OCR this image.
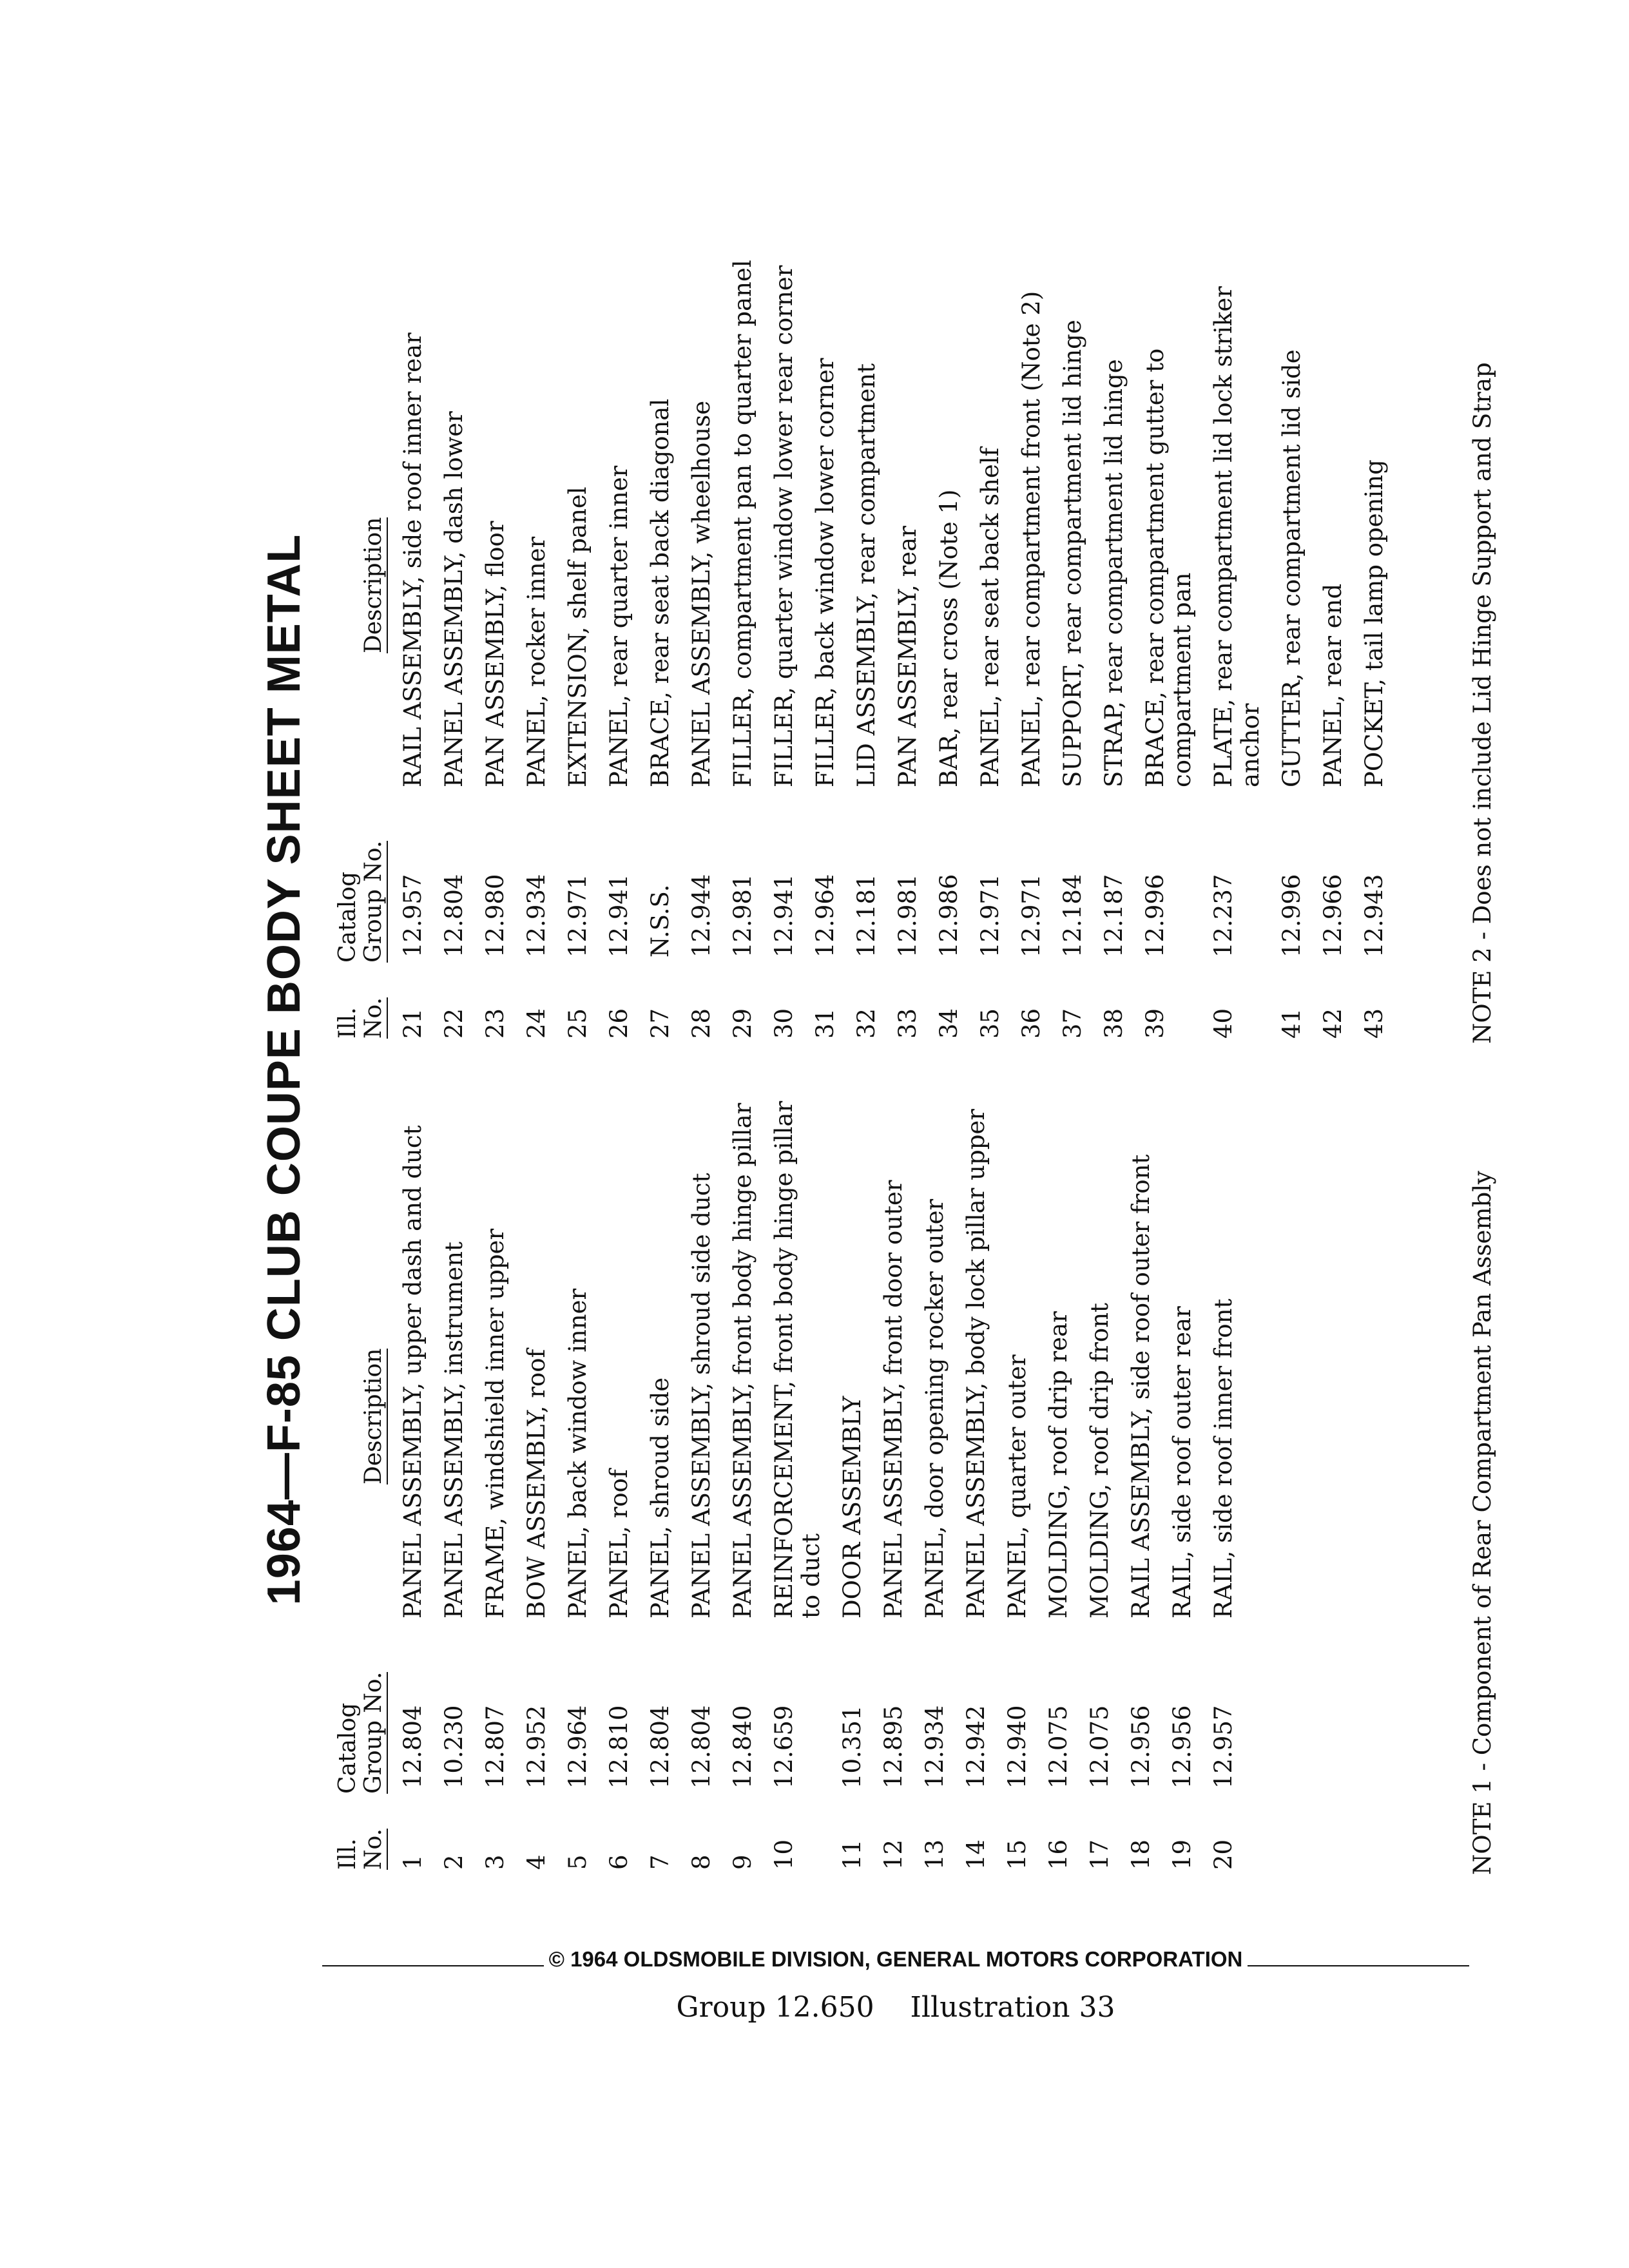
1964—F-85 CLUB COUPE BODY SHEET METAL
Ill. No.
Catalog Group No.
Description
1
12.804
PANEL ASSEMBLY, upper dash and duct
2
10.230
PANEL ASSEMBLY, instrument
3
12.807
FRAME, windshield inner upper
4
12.952
BOW ASSEMBLY, roof
5
12.964
PANEL, back window inner
6
12.810
PANEL, roof
7
12.804
PANEL, shroud side
8
12.804
PANEL ASSEMBLY, shroud side duct
9
12.840
PANEL ASSEMBLY, front body hinge pillar
10
12.659
REINFORCEMENT, front body hinge pillar to duct
11
10.351
DOOR ASSEMBLY
12
12.895
PANEL ASSEMBLY, front door outer
13
12.934
PANEL, door opening rocker outer
14
12.942
PANEL ASSEMBLY, body lock pillar upper
15
12.940
PANEL, quarter outer
16
12.075
MOLDING, roof drip rear
17
12.075
MOLDING, roof drip front
18
12.956
RAIL ASSEMBLY, side roof outer front
19
12.956
RAIL, side roof outer rear
20
12.957
RAIL, side roof inner front
Ill. No.
Catalog Group No.
Description
21
12.957
RAIL ASSEMBLY, side roof inner rear
22
12.804
PANEL ASSEMBLY, dash lower
23
12.980
PAN ASSEMBLY, floor
24
12.934
PANEL, rocker inner
25
12.971
EXTENSION, shelf panel
26
12.941
PANEL, rear quarter inner
27
N.S.S.
BRACE, rear seat back diagonal
28
12.944
PANEL ASSEMBLY, wheelhouse
29
12.981
FILLER, compartment pan to quarter panel
30
12.941
FILLER, quarter window lower rear corner
31
12.964
FILLER, back window lower corner
32
12.181
LID ASSEMBLY, rear compartment
33
12.981
PAN ASSEMBLY, rear
34
12.986
BAR, rear cross (Note 1)
35
12.971
PANEL, rear seat back shelf
36
12.971
PANEL, rear compartment front (Note 2)
37
12.184
SUPPORT, rear compartment lid hinge
38
12.187
STRAP, rear compartment lid hinge
39
12.996
BRACE, rear compartment gutter to compartment pan
40
12.237
PLATE, rear compartment lid lock striker anchor
41
12.996
GUTTER, rear compartment lid side
42
12.966
PANEL, rear end
43
12.943
POCKET, tail lamp opening
NOTE 1 - Component of Rear Compartment Pan Assembly
NOTE 2 - Does not include Lid Hinge Support and Strap
© 1964 OLDSMOBILE DIVISION, GENERAL MOTORS CORPORATION
Group 12.650    Illustration 33
